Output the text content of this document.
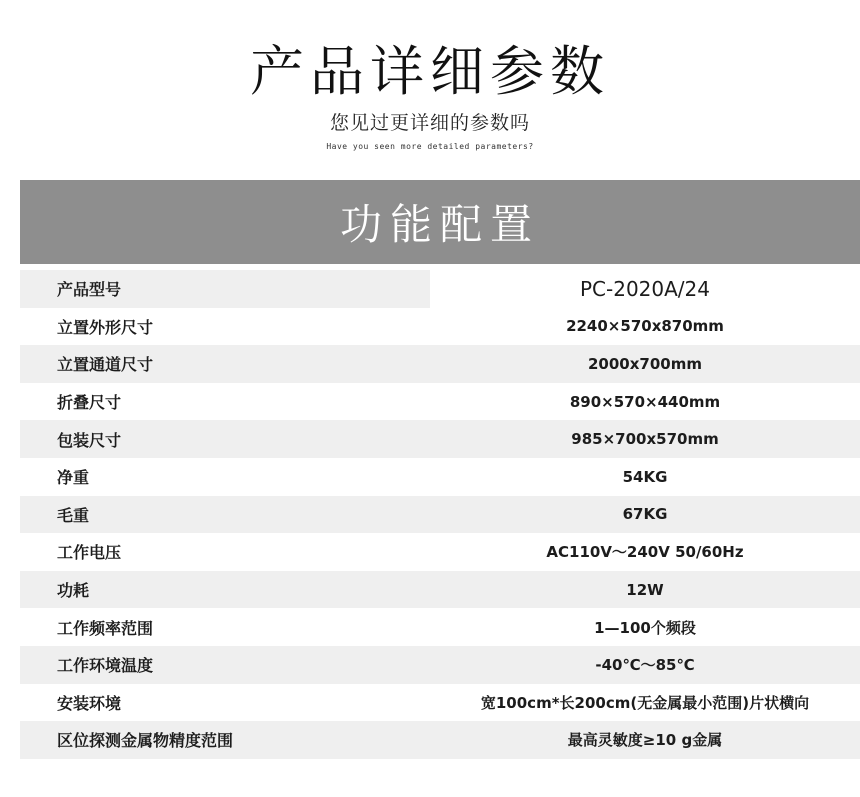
产品详细参数
您见过更详细的参数吗
Have you seen more detailed parameters?
功能配置
产品型号	PC-2020A/24
立置外形尺寸	2240×570x870mm
立置通道尺寸	2000x700mm
折叠尺寸	890×570×440mm
包装尺寸	985×700x570mm
净重	54KG
毛重	67KG
工作电压	AC110V～240V 50/60Hz
功耗	12W
工作频率范围	1—100个频段
工作环境温度	-40℃～85℃
安装环境	宽100cm*长200cm(无金属最小范围)片状横向
区位探测金属物精度范围	最高灵敏度≥10 g金属
